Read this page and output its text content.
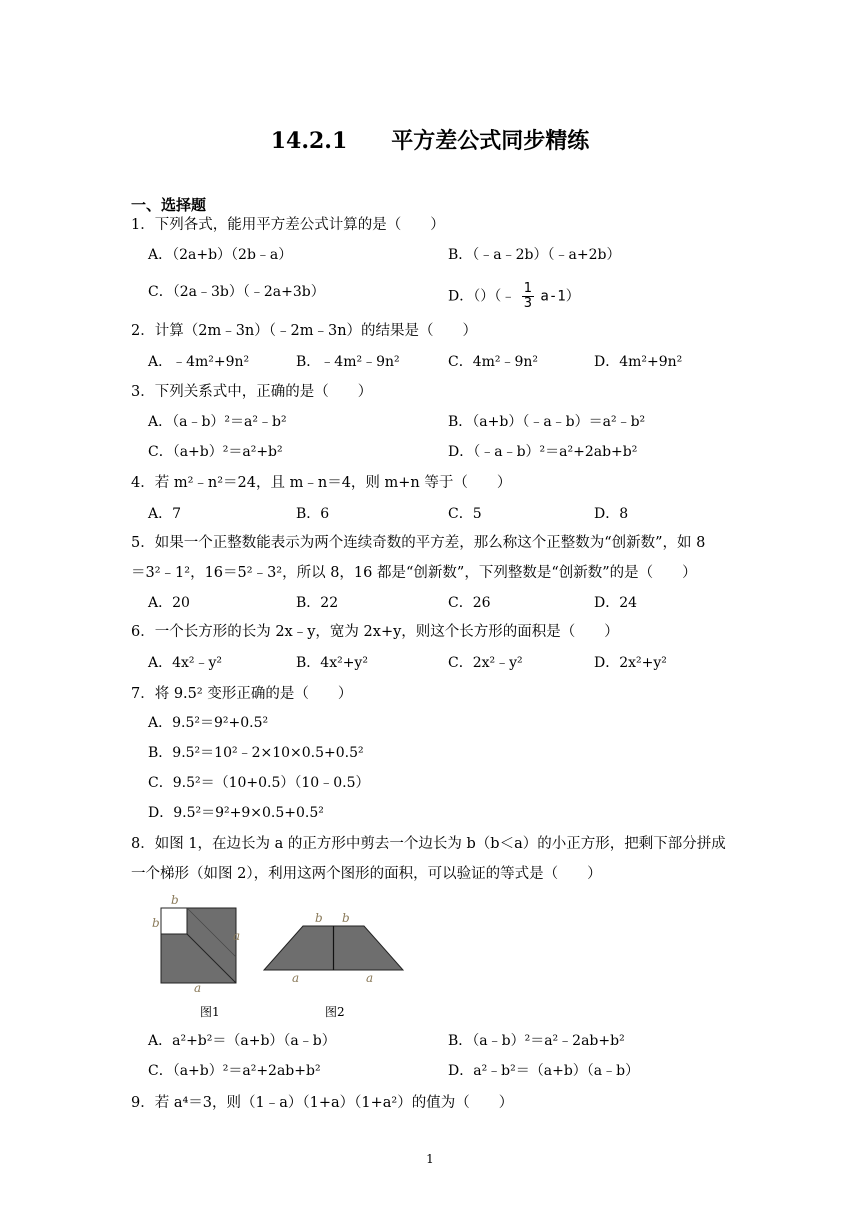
14.2.1　　平方差公式同步精练
一、选择题
1．下列各式，能用平方差公式计算的是（　　）
A．（2a+b）（2b﹣a）	B．（﹣a﹣2b）（﹣a+2b）
C．（2a﹣3b）（﹣2a+3b）	D．（）（﹣ $\frac{1}{3} a-1$）
2．计算（2m﹣3n）（﹣2m﹣3n）的结果是（　　）
A．﹣4m²+9n²	B．﹣4m²﹣9n²	C．4m²﹣9n²	D．4m²+9n²
3．下列关系式中，正确的是（　　）
A．（a﹣b）²＝a²﹣b²	B．（a+b）（﹣a﹣b）＝a²﹣b²
C．（a+b）²＝a²+b²	D．（﹣a﹣b）²＝a²+2ab+b²
4．若 m²﹣n²＝24，且 m﹣n＝4，则 m+n 等于（　　）
A．7	B．6	C．5	D．8
5．如果一个正整数能表示为两个连续奇数的平方差，那么称这个正整数为“创新数”，如 8
＝3²﹣1²，16＝5²﹣3²，所以 8，16 都是“创新数”，下列整数是“创新数”的是（　　）
A．20	B．22	C．26	D．24
6．一个长方形的长为 2x﹣y，宽为 2x+y，则这个长方形的面积是（　　）
A．4x²﹣y²	B．4x²+y²	C．2x²﹣y²	D．2x²+y²
7．将 9.5² 变形正确的是（　　）
A．9.5²＝9²+0.5²
B．9.5²＝10²﹣2×10×0.5+0.5²
C．9.5²＝（10+0.5）（10﹣0.5）
D．9.5²＝9²+9×0.5+0.5²
8．如图 1，在边长为 a 的正方形中剪去一个边长为 b（b＜a）的小正方形，把剩下部分拼成
一个梯形（如图 2），利用这两个图形的面积，可以验证的等式是（　　）
b
b
a
a
图1
b b
a	a
图2
A．a²+b²＝（a+b）（a﹣b）	B．（a﹣b）²＝a²﹣2ab+b²
C．（a+b）²＝a²+2ab+b²	D．a²﹣b²＝（a+b）（a﹣b）
9．若 a⁴＝3，则（1﹣a）（1+a）（1+a²）的值为（　　）
1
